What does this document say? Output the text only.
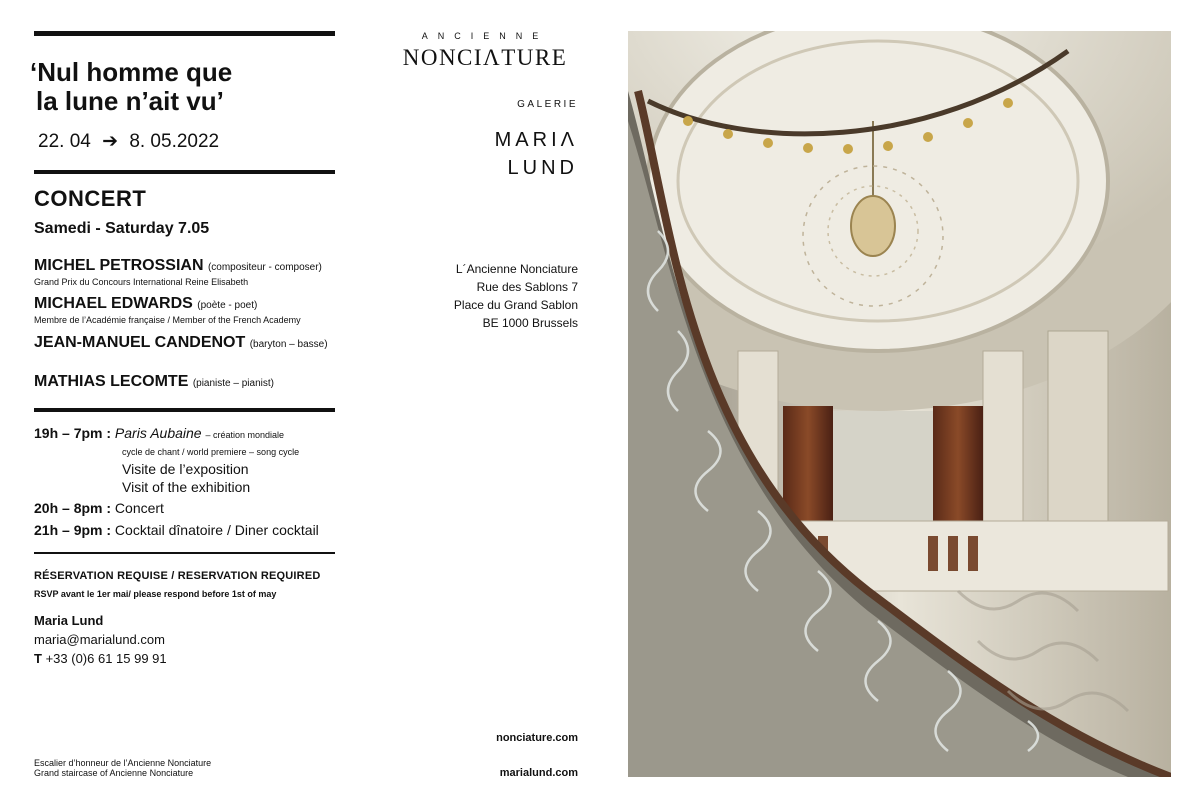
‘Nul homme que
la lune n’ait vu’
22. 04 ➔ 8. 05.2022
CONCERT
Samedi - Saturday 7.05
MICHEL PETROSSIAN (compositeur - composer)
Grand Prix du Concours International Reine Elisabeth
MICHAEL EDWARDS (poète - poet)
Membre de l’Académie française / Member of the French Academy
JEAN-MANUEL CANDENOT (baryton – basse)
MATHIAS LECOMTE (pianiste – pianist)
19h – 7pm : Paris Aubaine – création mondiale
cycle de chant / world premiere – song cycle
Visite de l’exposition
Visit of the exhibition
20h – 8pm : Concert
21h – 9pm : Cocktail dînatoire / Diner cocktail
RÉSERVATION REQUISE / RESERVATION REQUIRED
RSVP avant le 1er mai/ please respond before 1st of may
Maria Lund
maria@marialund.com
T +33 (0)6 61 15 99 91
Escalier d’honneur de l’Ancienne Nonciature
Grand staircase of Ancienne Nonciature
ANCIENNE
NONCIΛTURE
GALERIE
MARIΛ
LUND
L´Ancienne Nonciature
Rue des Sablons 7
Place du Grand Sablon
BE 1000 Brussels
nonciature.com
marialund.com
